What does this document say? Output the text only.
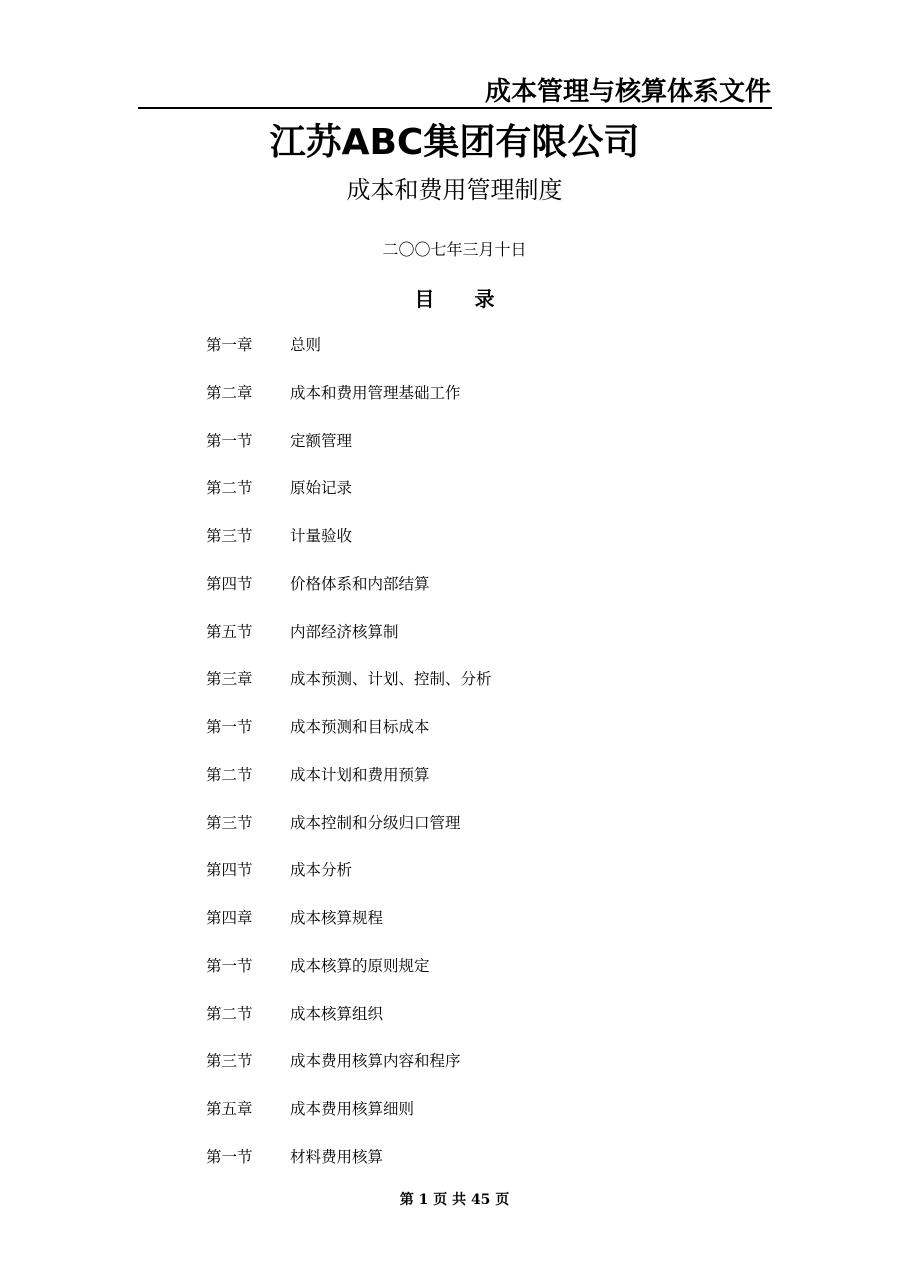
成本管理与核算体系文件
江苏ABC集团有限公司
成本和费用管理制度
二〇〇七年三月十日
目 录
第一章	总则
第二章	成本和费用管理基础工作
第一节	定额管理
第二节	原始记录
第三节	计量验收
第四节	价格体系和内部结算
第五节	内部经济核算制
第三章	成本预测、计划、控制、分析
第一节	成本预测和目标成本
第二节	成本计划和费用预算
第三节	成本控制和分级归口管理
第四节	成本分析
第四章	成本核算规程
第一节	成本核算的原则规定
第二节	成本核算组织
第三节	成本费用核算内容和程序
第五章	成本费用核算细则
第一节	材料费用核算
第 1 页 共 45 页
